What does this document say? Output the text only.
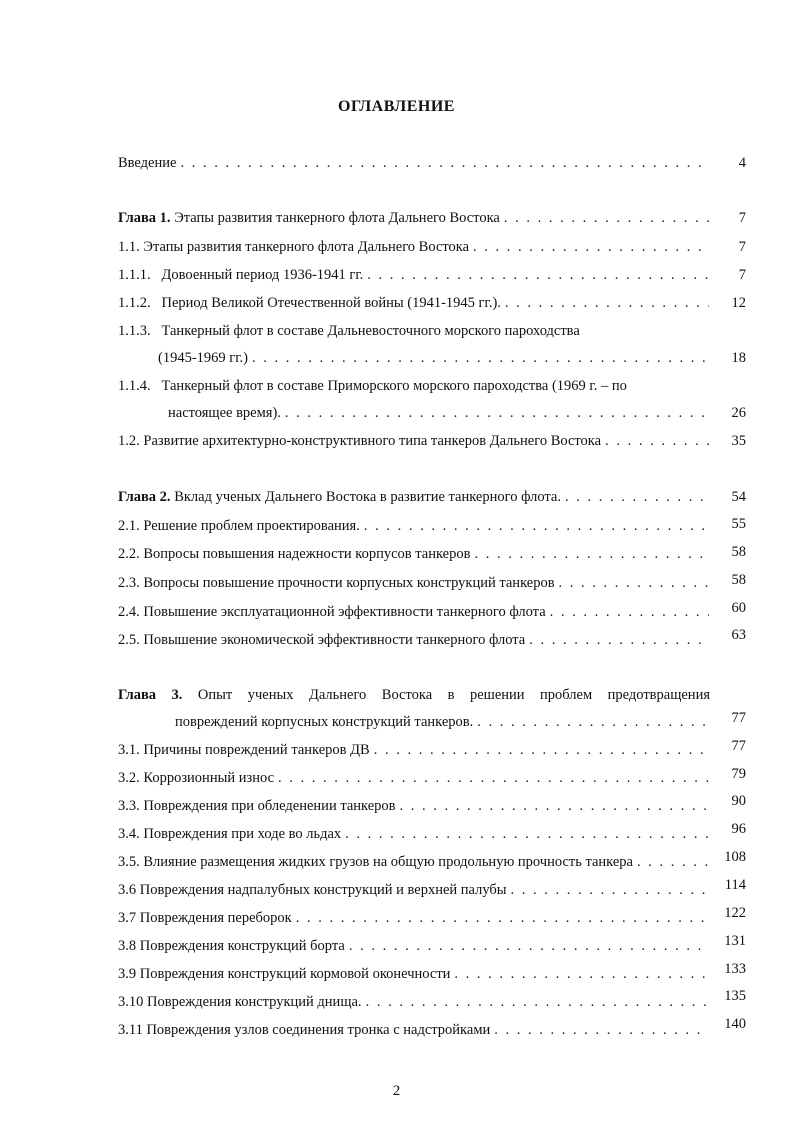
ОГЛАВЛЕНИЕ
Введение . . .	4
Глава 1. Этапы развития танкерного флота Дальнего Востока . . .	7
1.1. Этапы развития танкерного флота Дальнего Востока . . .	7
1.1.1.   Довоенный период 1936-1941 гг. . . .	7
1.1.2.   Период Великой Отечественной войны (1941-1945 гг.). . . .	12
1.1.3.   Танкерный флот в составе Дальневосточного морского пароходства
(1945-1969 гг.) . . .	18
1.1.4.   Танкерный флот в составе Приморского морского пароходства (1969 г. – по
настоящее время). . . .	26
1.2. Развитие архитектурно-конструктивного типа танкеров Дальнего Востока . . .	35
Глава 2. Вклад ученых Дальнего Востока в развитие танкерного флота. . . .	54
2.1. Решение проблем проектирования. . . .	55
2.2. Вопросы повышения надежности корпусов танкеров . . .	58
2.3. Вопросы повышение прочности корпусных конструкций танкеров . . .	58
2.4. Повышение эксплуатационной эффективности танкерного флота . . .	60
2.5. Повышение экономической эффективности танкерного флота . . .	63
Глава 3. Опыт ученых Дальнего Востока в решении проблем предотвращения
повреждений корпусных конструкций танкеров. . . .	77
3.1. Причины повреждений танкеров ДВ . . .	77
3.2. Коррозионный износ . . .	79
3.3. Повреждения при обледенении танкеров . . .	90
3.4. Повреждения при ходе во льдах . . .	96
3.5. Влияние размещения жидких грузов на общую продольную прочность танкера . . .	108
3.6 Повреждения надпалубных конструкций и верхней палубы . . .	114
3.7 Повреждения переборок . . .	122
3.8 Повреждения конструкций борта . . .	131
3.9 Повреждения конструкций кормовой оконечности . . .	133
3.10 Повреждения конструкций днища. . . .	135
3.11 Повреждения узлов соединения тронка с надстройками . . .	140
2
